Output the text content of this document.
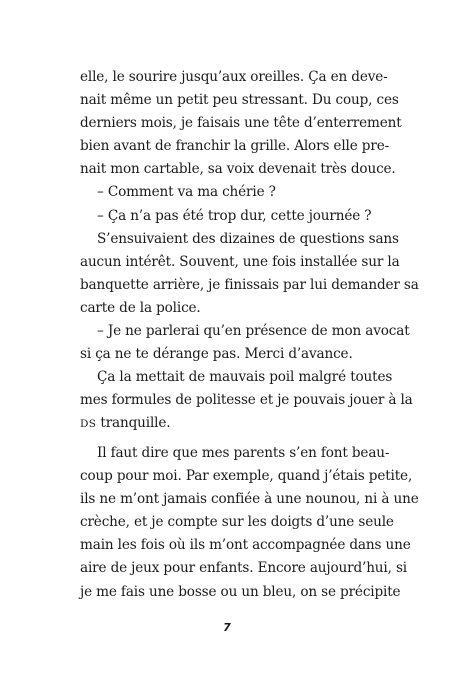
elle, le sourire jusqu’aux oreilles. Ça en deve-
nait même un petit peu stressant. Du coup, ces
derniers mois, je faisais une tête d’enterrement
bien avant de franchir la grille. Alors elle pre-
nait mon cartable, sa voix devenait très douce.
– Comment va ma chérie ?
– Ça n’a pas été trop dur, cette journée ?
S’ensuivaient des dizaines de questions sans
aucun intérêt. Souvent, une fois installée sur la
banquette arrière, je finissais par lui demander sa
carte de la police.
– Je ne parlerai qu’en présence de mon avocat
si ça ne te dérange pas. Merci d’avance.
Ça la mettait de mauvais poil malgré toutes
mes formules de politesse et je pouvais jouer à la
DS tranquille.
Il faut dire que mes parents s’en font beau-
coup pour moi. Par exemple, quand j’étais petite,
ils ne m’ont jamais confiée à une nounou, ni à une
crèche, et je compte sur les doigts d’une seule
main les fois où ils m’ont accompagnée dans une
aire de jeux pour enfants. Encore aujourd’hui, si
je me fais une bosse ou un bleu, on se précipite
7
